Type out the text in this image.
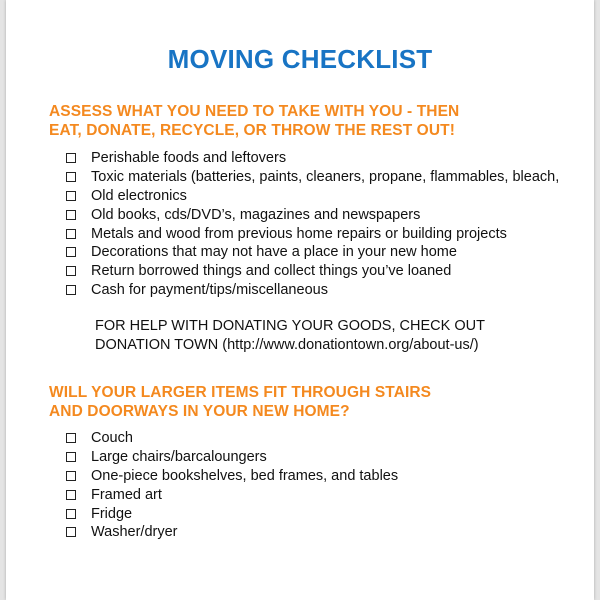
MOVING CHECKLIST
ASSESS WHAT YOU NEED TO TAKE WITH YOU - THEN
EAT, DONATE, RECYCLE, OR THROW THE REST OUT!
Perishable foods and leftovers
Toxic materials (batteries, paints, cleaners, propane, flammables, bleach,
Old electronics
Old books, cds/DVD’s, magazines and newspapers
Metals and wood from previous home repairs or building projects
Decorations that may not have a place in your new home
Return borrowed things and collect things you’ve loaned
Cash for payment/tips/miscellaneous

FOR HELP WITH DONATING YOUR GOODS, CHECK OUT
DONATION TOWN (http://www.donationtown.org/about-us/)

WILL YOUR LARGER ITEMS FIT THROUGH STAIRS
AND DOORWAYS IN YOUR NEW HOME?
Couch
Large chairs/barcaloungers
One-piece bookshelves, bed frames, and tables
Framed art
Fridge
Washer/dryer
